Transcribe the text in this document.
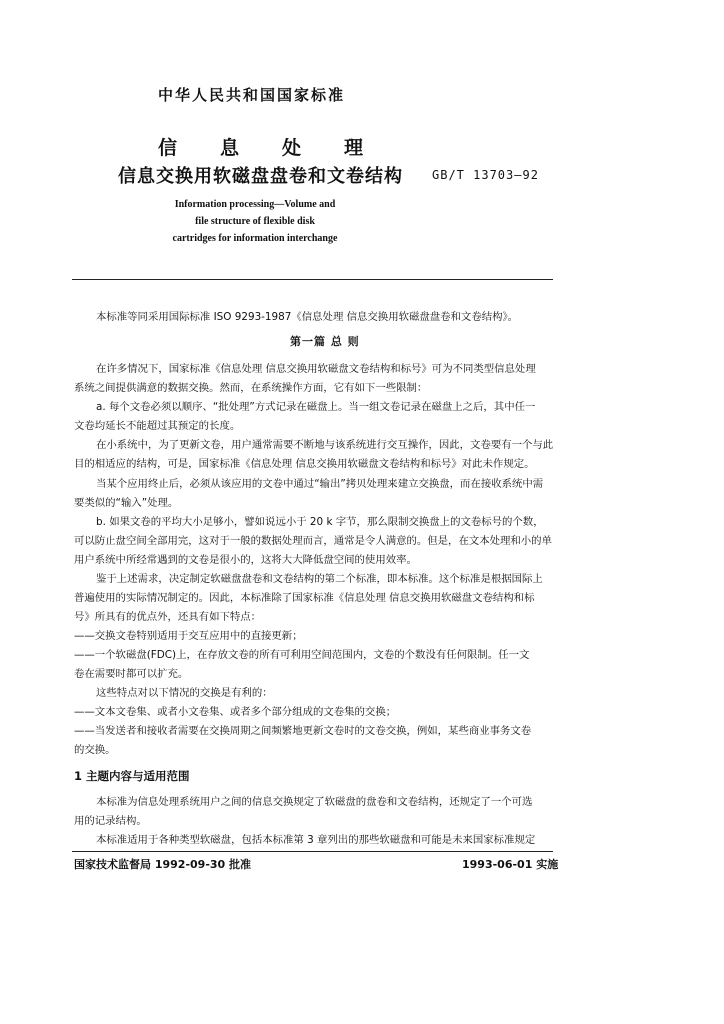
中华人民共和国国家标准
信 息 处 理
信息交换用软磁盘盘卷和文卷结构 GB/T 13703—92
Information processing—Volume and
file structure of flexible disk
cartridges for information interchange
本标准等同采用国际标准 ISO 9293-1987《信息处理 信息交换用软磁盘盘卷和文卷结构》。
第一篇 总 则
在许多情况下，国家标准《信息处理 信息交换用软磁盘文卷结构和标号》可为不同类型信息处理
系统之间提供满意的数据交换。然而，在系统操作方面，它有如下一些限制：
a. 每个文卷必须以顺序、“批处理”方式记录在磁盘上。当一组文卷记录在磁盘上之后，其中任一
文卷均延长不能超过其预定的长度。
在小系统中，为了更新文卷，用户通常需要不断地与该系统进行交互操作，因此，文卷要有一个与此
目的相适应的结构，可是，国家标准《信息处理 信息交换用软磁盘文卷结构和标号》对此未作规定。
当某个应用终止后，必须从该应用的文卷中通过“输出”拷贝处理来建立交换盘，而在接收系统中需
要类似的“输入”处理。
b. 如果文卷的平均大小足够小，譬如说远小于 20 k 字节，那么限制交换盘上的文卷标号的个数，
可以防止盘空间全部用完，这对于一般的数据处理而言，通常是令人满意的。但是，在文本处理和小的单
用户系统中所经常遇到的文卷是很小的，这将大大降低盘空间的使用效率。
鉴于上述需求，决定制定软磁盘盘卷和文卷结构的第二个标准，即本标准。这个标准是根据国际上
普遍使用的实际情况制定的。因此，本标准除了国家标准《信息处理 信息交换用软磁盘文卷结构和标
号》所具有的优点外，还具有如下特点：
——交换文卷特别适用于交互应用中的直接更新；
——一个软磁盘(FDC)上，在存放文卷的所有可利用空间范围内，文卷的个数没有任何限制。任一文
卷在需要时都可以扩充。
这些特点对以下情况的交换是有利的：
——文本文卷集、或者小文卷集、或者多个部分组成的文卷集的交换；
——当发送者和接收者需要在交换周期之间频繁地更新文卷时的文卷交换，例如，某些商业事务文卷
的交换。
1 主题内容与适用范围
本标准为信息处理系统用户之间的信息交换规定了软磁盘的盘卷和文卷结构，还规定了一个可选
用的记录结构。
本标准适用于各种类型软磁盘，包括本标准第 3 章列出的那些软磁盘和可能是未来国家标准规定
国家技术监督局 1992-09-30 批准	1993-06-01 实施
